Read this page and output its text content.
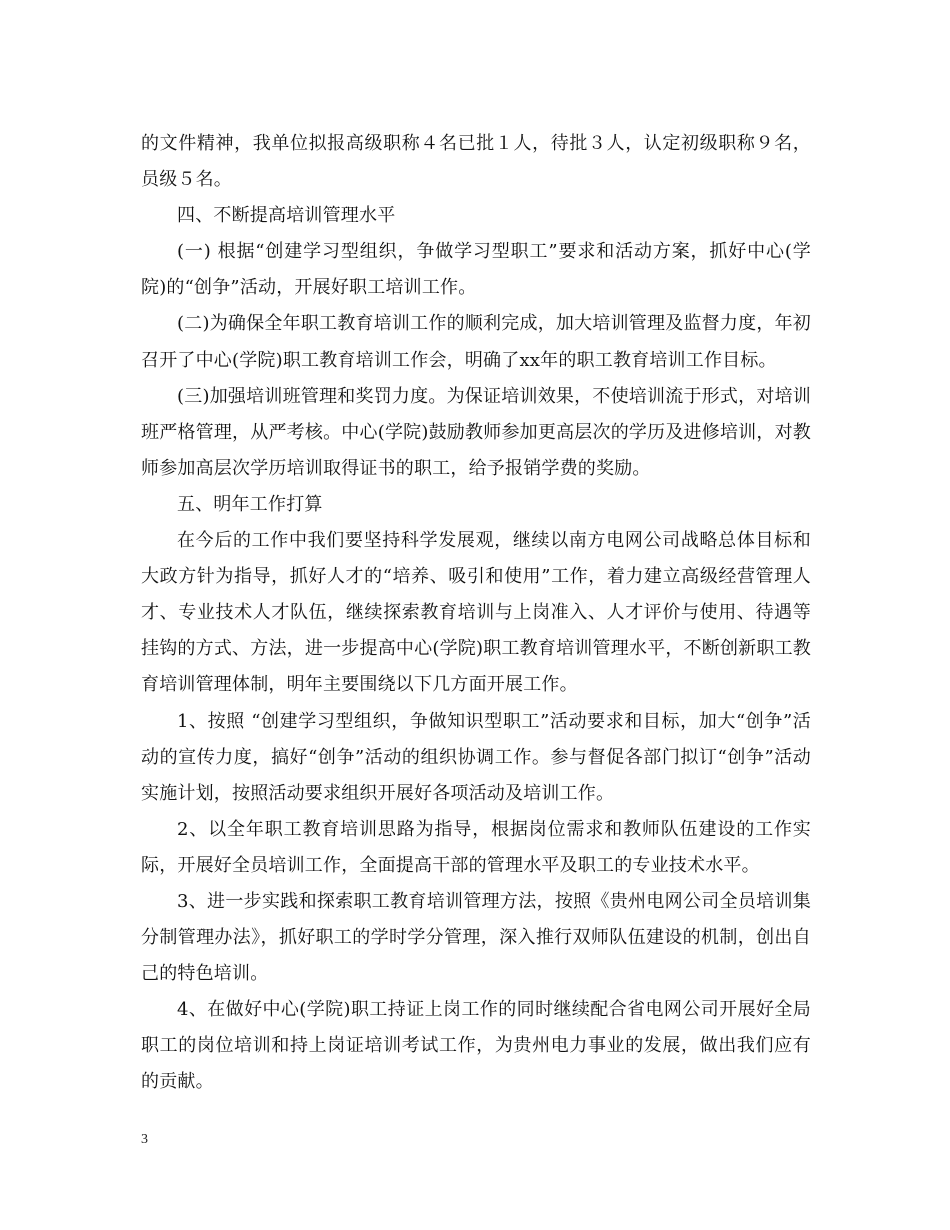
的文件精神，我单位拟报高级职称４名已批１人，待批３人，认定初级职称９名，员级５名。

四、不断提高培训管理水平

(一) 根据“创建学习型组织，争做学习型职工”要求和活动方案，抓好中心(学院)的“创争”活动，开展好职工培训工作。

(二)为确保全年职工教育培训工作的顺利完成，加大培训管理及监督力度，年初召开了中心(学院)职工教育培训工作会，明确了xx年的职工教育培训工作目标。

(三)加强培训班管理和奖罚力度。为保证培训效果，不使培训流于形式，对培训班严格管理，从严考核。中心(学院)鼓励教师参加更高层次的学历及进修培训，对教师参加高层次学历培训取得证书的职工，给予报销学费的奖励。

五、明年工作打算

在今后的工作中我们要坚持科学发展观，继续以南方电网公司战略总体目标和大政方针为指导，抓好人才的“培养、吸引和使用”工作，着力建立高级经营管理人才、专业技术人才队伍，继续探索教育培训与上岗准入、人才评价与使用、待遇等挂钩的方式、方法，进一步提高中心(学院)职工教育培训管理水平，不断创新职工教育培训管理体制，明年主要围绕以下几方面开展工作。

1、按照 “创建学习型组织，争做知识型职工”活动要求和目标，加大“创争”活动的宣传力度，搞好“创争”活动的组织协调工作。参与督促各部门拟订“创争”活动实施计划，按照活动要求组织开展好各项活动及培训工作。

2、以全年职工教育培训思路为指导，根据岗位需求和教师队伍建设的工作实际，开展好全员培训工作，全面提高干部的管理水平及职工的专业技术水平。

3、进一步实践和探索职工教育培训管理方法，按照《贵州电网公司全员培训集分制管理办法》，抓好职工的学时学分管理，深入推行双师队伍建设的机制，创出自己的特色培训。

4、在做好中心(学院)职工持证上岗工作的同时继续配合省电网公司开展好全局职工的岗位培训和持上岗证培训考试工作，为贵州电力事业的发展，做出我们应有的贡献。

3
